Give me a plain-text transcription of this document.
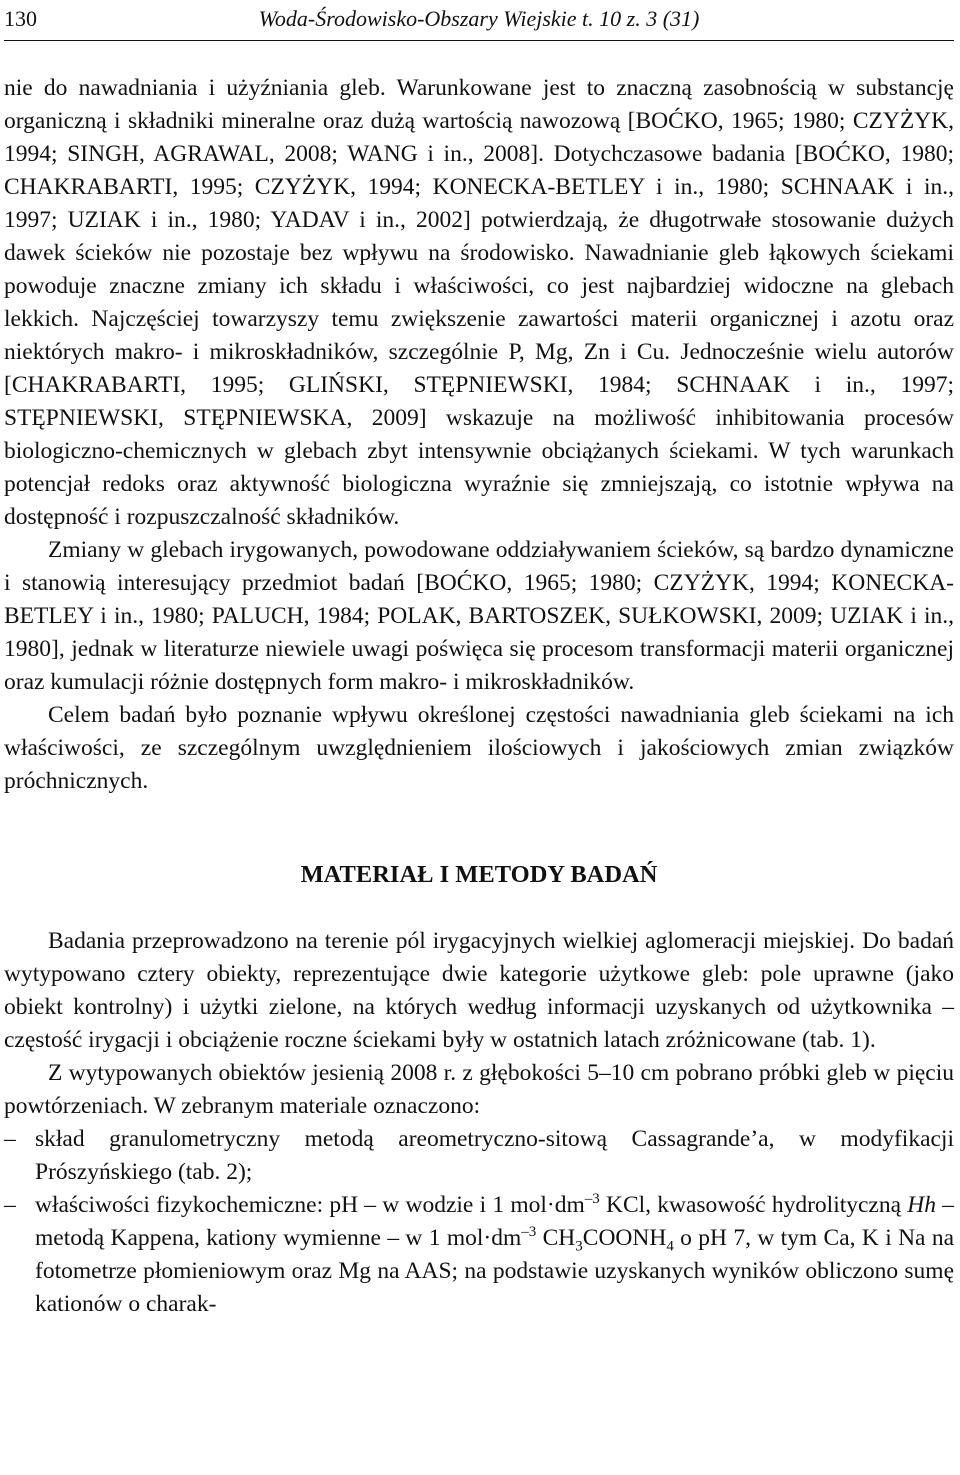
130	Woda-Środowisko-Obszary Wiejskie t. 10 z. 3 (31)

nie do nawadniania i użyźniania gleb. Warunkowane jest to znaczną zasobnością w substancję organiczną i składniki mineralne oraz dużą wartością nawozową [BOĆKO, 1965; 1980; CZYŻYK, 1994; SINGH, AGRAWAL, 2008; WANG i in., 2008]. Dotychczasowe badania [BOĆKO, 1980; CHAKRABARTI, 1995; CZYŻYK, 1994; KONECKA-BETLEY i in., 1980; SCHNAAK i in., 1997; UZIAK i in., 1980; YADAV i in., 2002] potwierdzają, że długotrwałe stosowanie dużych dawek ścieków nie pozostaje bez wpływu na środowisko. Nawadnianie gleb łąkowych ściekami powoduje znaczne zmiany ich składu i właściwości, co jest najbardziej widoczne na glebach lekkich. Najczęściej towarzyszy temu zwiększenie zawartości materii organicznej i azotu oraz niektórych makro- i mikroskładników, szczególnie P, Mg, Zn i Cu. Jednocześnie wielu autorów [CHAKRABARTI, 1995; GLIŃSKI, STĘPNIEWSKI, 1984; SCHNAAK i in., 1997; STĘPNIEWSKI, STĘPNIEWSKA, 2009] wskazuje na możliwość inhibitowania procesów biologiczno-chemicznych w glebach zbyt intensywnie obciążanych ściekami. W tych warunkach potencjał redoks oraz aktywność biologiczna wyraźnie się zmniejszają, co istotnie wpływa na dostępność i rozpuszczalność składników.

Zmiany w glebach irygowanych, powodowane oddziaływaniem ścieków, są bardzo dynamiczne i stanowią interesujący przedmiot badań [BOĆKO, 1965; 1980; CZYŻYK, 1994; KONECKA-BETLEY i in., 1980; PALUCH, 1984; POLAK, BARTOSZEK, SUŁKOWSKI, 2009; UZIAK i in., 1980], jednak w literaturze niewiele uwagi poświęca się procesom transformacji materii organicznej oraz kumulacji różnie dostępnych form makro- i mikroskładników.

Celem badań było poznanie wpływu określonej częstości nawadniania gleb ściekami na ich właściwości, ze szczególnym uwzględnieniem ilościowych i jakościowych zmian związków próchnicznych.

MATERIAŁ I METODY BADAŃ

Badania przeprowadzono na terenie pól irygacyjnych wielkiej aglomeracji miejskiej. Do badań wytypowano cztery obiekty, reprezentujące dwie kategorie użytkowe gleb: pole uprawne (jako obiekt kontrolny) i użytki zielone, na których według informacji uzyskanych od użytkownika – częstość irygacji i obciążenie roczne ściekami były w ostatnich latach zróżnicowane (tab. 1).

Z wytypowanych obiektów jesienią 2008 r. z głębokości 5–10 cm pobrano próbki gleb w pięciu powtórzeniach. W zebranym materiale oznaczono:

– skład granulometryczny metodą areometryczno-sitową Cassagrande’a, w modyfikacji Prószyńskiego (tab. 2);
– właściwości fizykochemiczne: pH – w wodzie i 1 $mol\cdot dm^{-3}$ KCl, kwasowość hydrolityczną Hh – metodą Kappena, kationy wymienne – w 1 $mol\cdot dm^{-3}$ $CH_3COONH_4$ o pH 7, w tym Ca, K i Na na fotometrze płomieniowym oraz Mg na AAS; na podstawie uzyskanych wyników obliczono sumę kationów o charak-
